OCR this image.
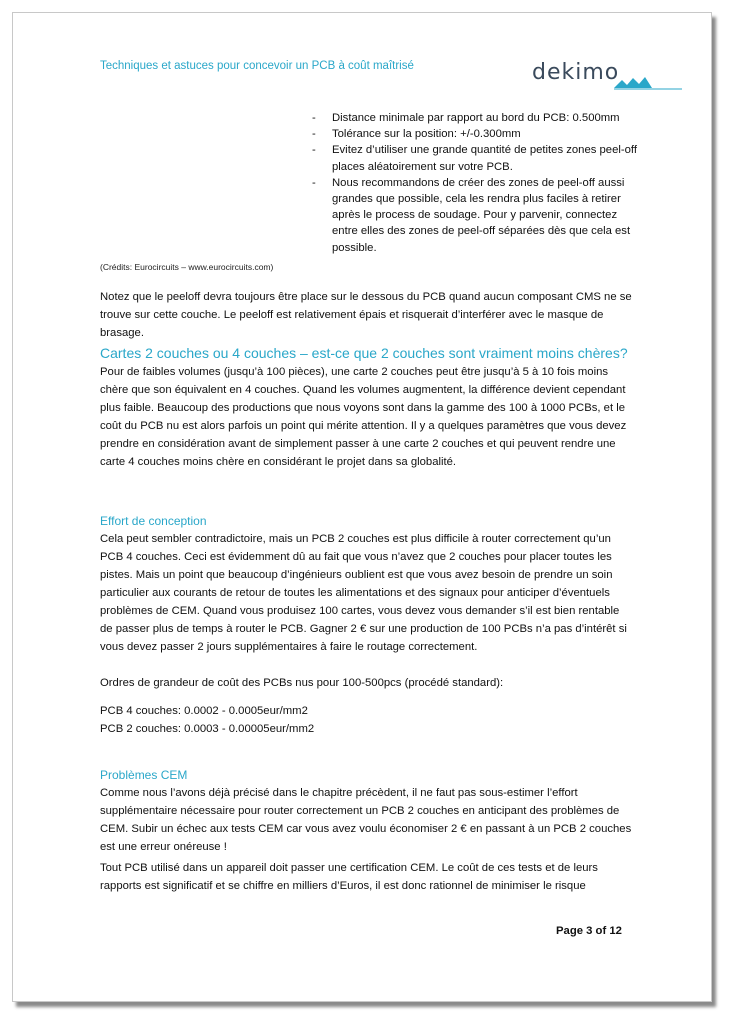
Techniques et astuces pour concevoir un PCB à coût maîtrisé	dekimo
- Distance minimale par rapport au bord du PCB: 0.500mm
- Tolérance sur la position: +/-0.300mm
- Evitez d’utiliser une grande quantité de petites zones peel-off places aléatoirement sur votre PCB.
- Nous recommandons de créer des zones de peel-off aussi grandes que possible, cela les rendra plus faciles à retirer après le process de soudage. Pour y parvenir, connectez entre elles des zones de peel-off séparées dès que cela est possible.
(Crédits: Eurocircuits – www.eurocircuits.com)

Notez que le peeloff devra toujours être place sur le dessous du PCB quand aucun composant CMS ne se trouve sur cette couche. Le peeloff est relativement épais et risquerait d’interférer avec le masque de brasage.

Cartes 2 couches ou 4 couches – est-ce que 2 couches sont vraiment moins chères?

Pour de faibles volumes (jusqu’à 100 pièces), une carte 2 couches peut être jusqu’à 5 à 10 fois moins chère que son équivalent en 4 couches. Quand les volumes augmentent, la différence devient cependant plus faible. Beaucoup des productions que nous voyons sont dans la gamme des 100 à 1000 PCBs, et le coût du PCB nu est alors parfois un point qui mérite attention. Il y a quelques paramètres que vous devez prendre en considération avant de simplement passer à une carte 2 couches et qui peuvent rendre une carte 4 couches moins chère en considérant le projet dans sa globalité.

Effort de conception

Cela peut sembler contradictoire, mais un PCB 2 couches est plus difficile à router correctement qu’un PCB 4 couches. Ceci est évidemment dû au fait que vous n’avez que 2 couches pour placer toutes les pistes. Mais un point que beaucoup d’ingénieurs oublient est que vous avez besoin de prendre un soin particulier aux courants de retour de toutes les alimentations et des signaux pour anticiper d’éventuels problèmes de CEM. Quand vous produisez 100 cartes, vous devez vous demander s’il est bien rentable de passer plus de temps à router le PCB. Gagner 2 € sur une production de 100 PCBs n’a pas d’intérêt si vous devez passer 2 jours supplémentaires à faire le routage correctement.

Ordres de grandeur de coût des PCBs nus pour 100-500pcs (procédé standard):

PCB 4 couches: 0.0002 - 0.0005eur/mm2

PCB 2 couches: 0.0003 - 0.00005eur/mm2

Problèmes CEM

Comme nous l’avons déjà précisé dans le chapitre précèdent, il ne faut pas sous-estimer l’effort supplémentaire nécessaire pour router correctement un PCB 2 couches en anticipant des problèmes de CEM. Subir un échec aux tests CEM car vous avez voulu économiser 2 € en passant à un PCB 2 couches est une erreur onéreuse !

Tout PCB utilisé dans un appareil doit passer une certification CEM. Le coût de ces tests et de leurs rapports est significatif et se chiffre en milliers d’Euros, il est donc rationnel de minimiser le risque

Page 3 of 12
